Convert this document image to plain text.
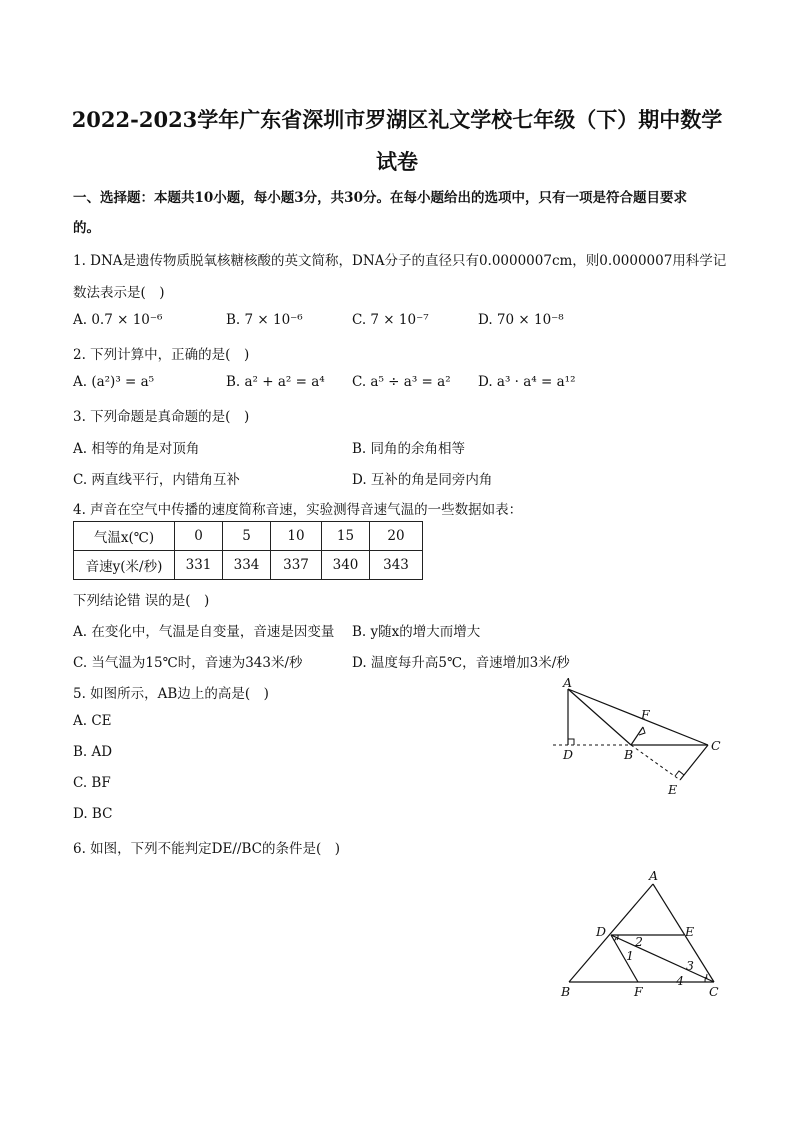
2022-2023学年广东省深圳市罗湖区礼文学校七年级（下）期中数学
试卷
一、选择题：本题共10小题，每小题3分，共30分。在每小题给出的选项中，只有一项是符合题目要求
的。
1. DNA是遗传物质脱氧核糖核酸的英文简称，DNA分子的直径只有0.0000007cm，则0.0000007用科学记
数法表示是(　)
A. 0.7 × 10⁻⁶	B. 7 × 10⁻⁶	C. 7 × 10⁻⁷	D. 70 × 10⁻⁸
2. 下列计算中，正确的是(　)
A. (a²)³ = a⁵	B. a² + a² = a⁴ C. a⁵ ÷ a³ = a² D. a³ · a⁴ = a¹²
3. 下列命题是真命题的是(　)
A. 相等的角是对顶角	B. 同角的余角相等
C. 两直线平行，内错角互补	D. 互补的角是同旁内角
4. 声音在空气中传播的速度简称音速，实验测得音速气温的一些数据如表：
气温x(℃)	0	5	10	15	20
音速y(米/秒)	331	334	337	340	343
下列结论错 误的是(　)
A. 在变化中，气温是自变量，音速是因变量 B. y随x的增大而增大
C. 当气温为15℃时，音速为343米/秒	D. 温度每升高5℃，音速增加3米/秒
5. 如图所示，AB边上的高是(　)
A. CE
B. AD
C. BF
D. BC
A
F
D	B
C
E
6. 如图，下列不能判定DE//BC的条件是(　)
A
D	E
2
1
3
B	F
4
C
